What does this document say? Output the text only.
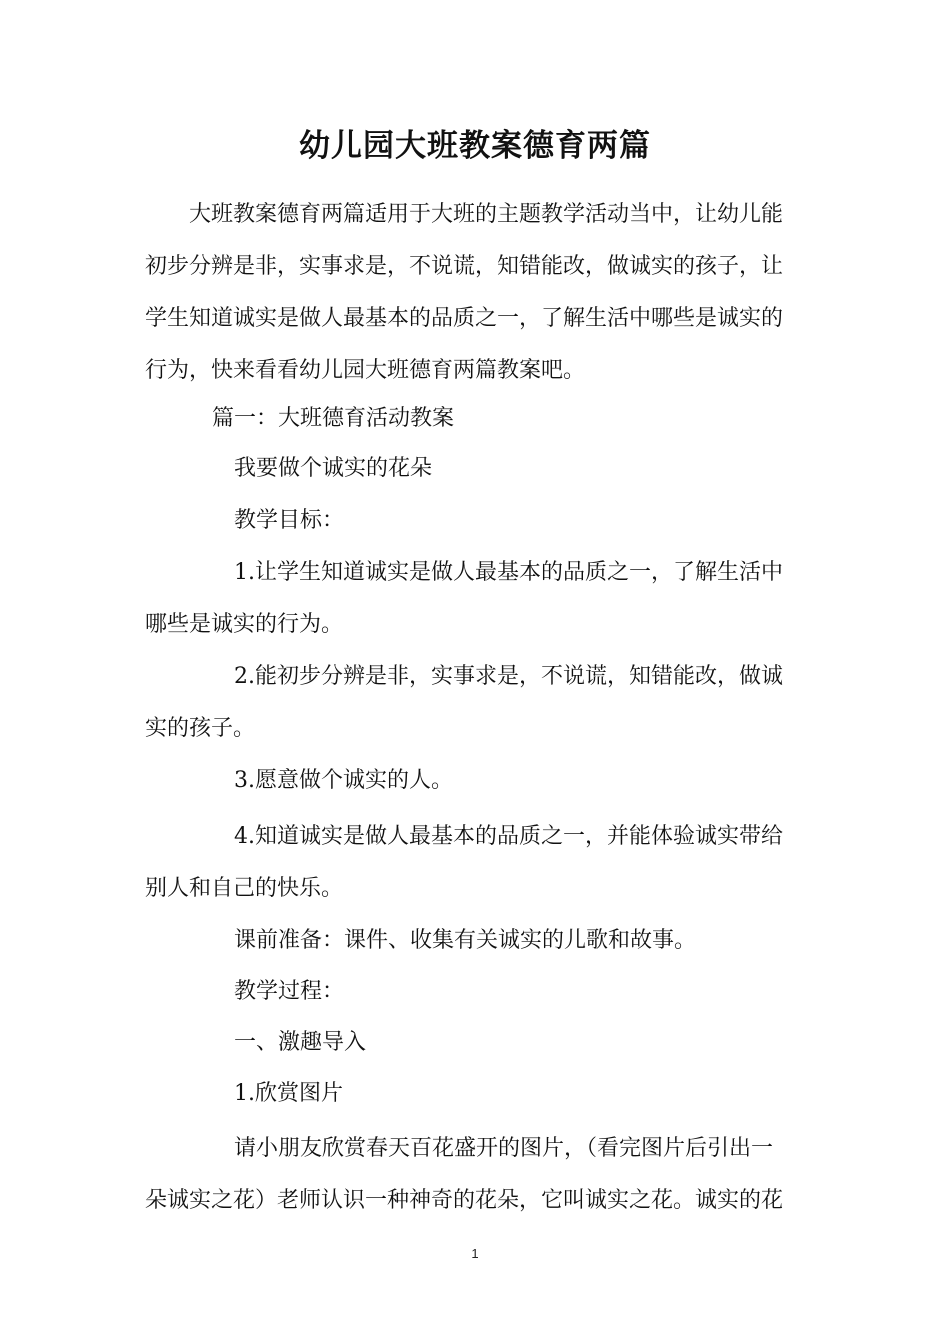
幼儿园大班教案德育两篇

大班教案德育两篇适用于大班的主题教学活动当中，让幼儿能

初步分辨是非，实事求是，不说谎，知错能改，做诚实的孩子，让

学生知道诚实是做人最基本的品质之一，了解生活中哪些是诚实的

行为，快来看看幼儿园大班德育两篇教案吧。

篇一：大班德育活动教案

我要做个诚实的花朵

教学目标：

1.让学生知道诚实是做人最基本的品质之一，了解生活中

哪些是诚实的行为。

2.能初步分辨是非，实事求是，不说谎，知错能改，做诚

实的孩子。

3.愿意做个诚实的人。

4.知道诚实是做人最基本的品质之一，并能体验诚实带给

别人和自己的快乐。

课前准备：课件、收集有关诚实的儿歌和故事。

教学过程：

一、激趣导入

1.欣赏图片

请小朋友欣赏春天百花盛开的图片，（看完图片后引出一

朵诚实之花）老师认识一种神奇的花朵，它叫诚实之花。诚实的花

1
